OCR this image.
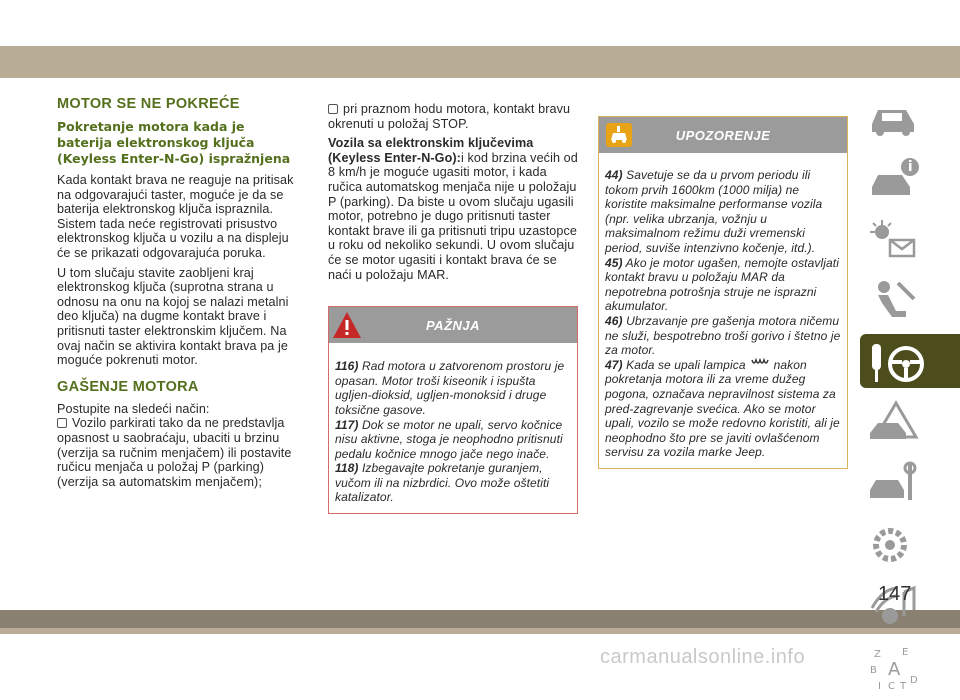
MOTOR SE NE POKREĆE
Pokretanje motora kada je baterija elektronskog ključa (Keyless Enter-N-Go) ispražnjena

Kada kontakt brava ne reaguje na pritisak na odgovarajući taster, moguće je da se baterija elektronskog ključa ispraznila. Sistem tada neće registrovati prisustvo elektronskog ključa u vozilu a na displeju će se prikazati odgovarajuća poruka.

U tom slučaju stavite zaobljeni kraj elektronskog ključa (suprotna strana u odnosu na onu na kojoj se nalazi metalni deo ključa) na dugme kontakt brave i pritisnuti taster elektronskim ključem. Na ovaj način se aktivira kontakt brava pa je moguće pokrenuti motor.

GAŠENJE MOTORA

Postupite na sledeći način:

Vozilo parkirati tako da ne predstavlja opasnost u saobraćaju, ubaciti u brzinu (verzija sa ručnim menjačem) ili postavite ručicu menjača u položaj P (parking) (verzija sa automatskim menjačem);

pri praznom hodu motora, kontakt bravu okrenuti u položaj STOP.

Vozila sa elektronskim ključevima (Keyless Enter-N-Go):i kod brzina većih od 8 km/h je moguće ugasiti motor, i kada ručica automatskog menjača nije u položaju P (parking). Da biste u ovom slučaju ugasili motor, potrebno je dugo pritisnuti taster kontakt brave ili ga pritisnuti tripu uzastopce u roku od nekoliko sekundi. U ovom slučaju će se motor ugasiti i kontakt brava će se naći u položaju MAR.

PAŽNJA

116) Rad motora u zatvorenom prostoru je opasan. Motor troši kiseonik i ispušta ugljen-dioksid, ugljen-monoksid i druge toksične gasove.

117) Dok se motor ne upali, servo kočnice nisu aktivne, stoga je neophodno pritisnuti pedalu kočnice mnogo jače nego inače.

118) Izbegavajte pokretanje guranjem, vučom ili na nizbrdici. Ovo može oštetiti katalizator.

UPOZORENJE

44) Savetuje se da u prvom periodu ili tokom prvih 1600km (1000 milja) ne koristite maksimalne performanse vozila (npr. velika ubrzanja, vožnju u maksimalnom režimu duži vremenski period, suviše intenzivno kočenje, itd.).

45) Ako je motor ugašen, nemojte ostavljati kontakt bravu u položaju MAR da nepotrebna potrošnja struje ne isprazni akumulator.

46) Ubrzavanje pre gašenja motora ničemu ne služi, bespotrebno troši gorivo i štetno je za motor.

47) Kada se upali lampica nakon pokretanja motora ili za vreme dužeg pogona, označava nepravilnost sistema za pred-zagrevanje svećica. Ako se motor upali, vozilo se može redovno koristiti, ali je neophodno što pre se javiti ovlašćenom servisu za vozila marke Jeep.

Z E
B A
I C T
D
147
carmanualsonline.info
